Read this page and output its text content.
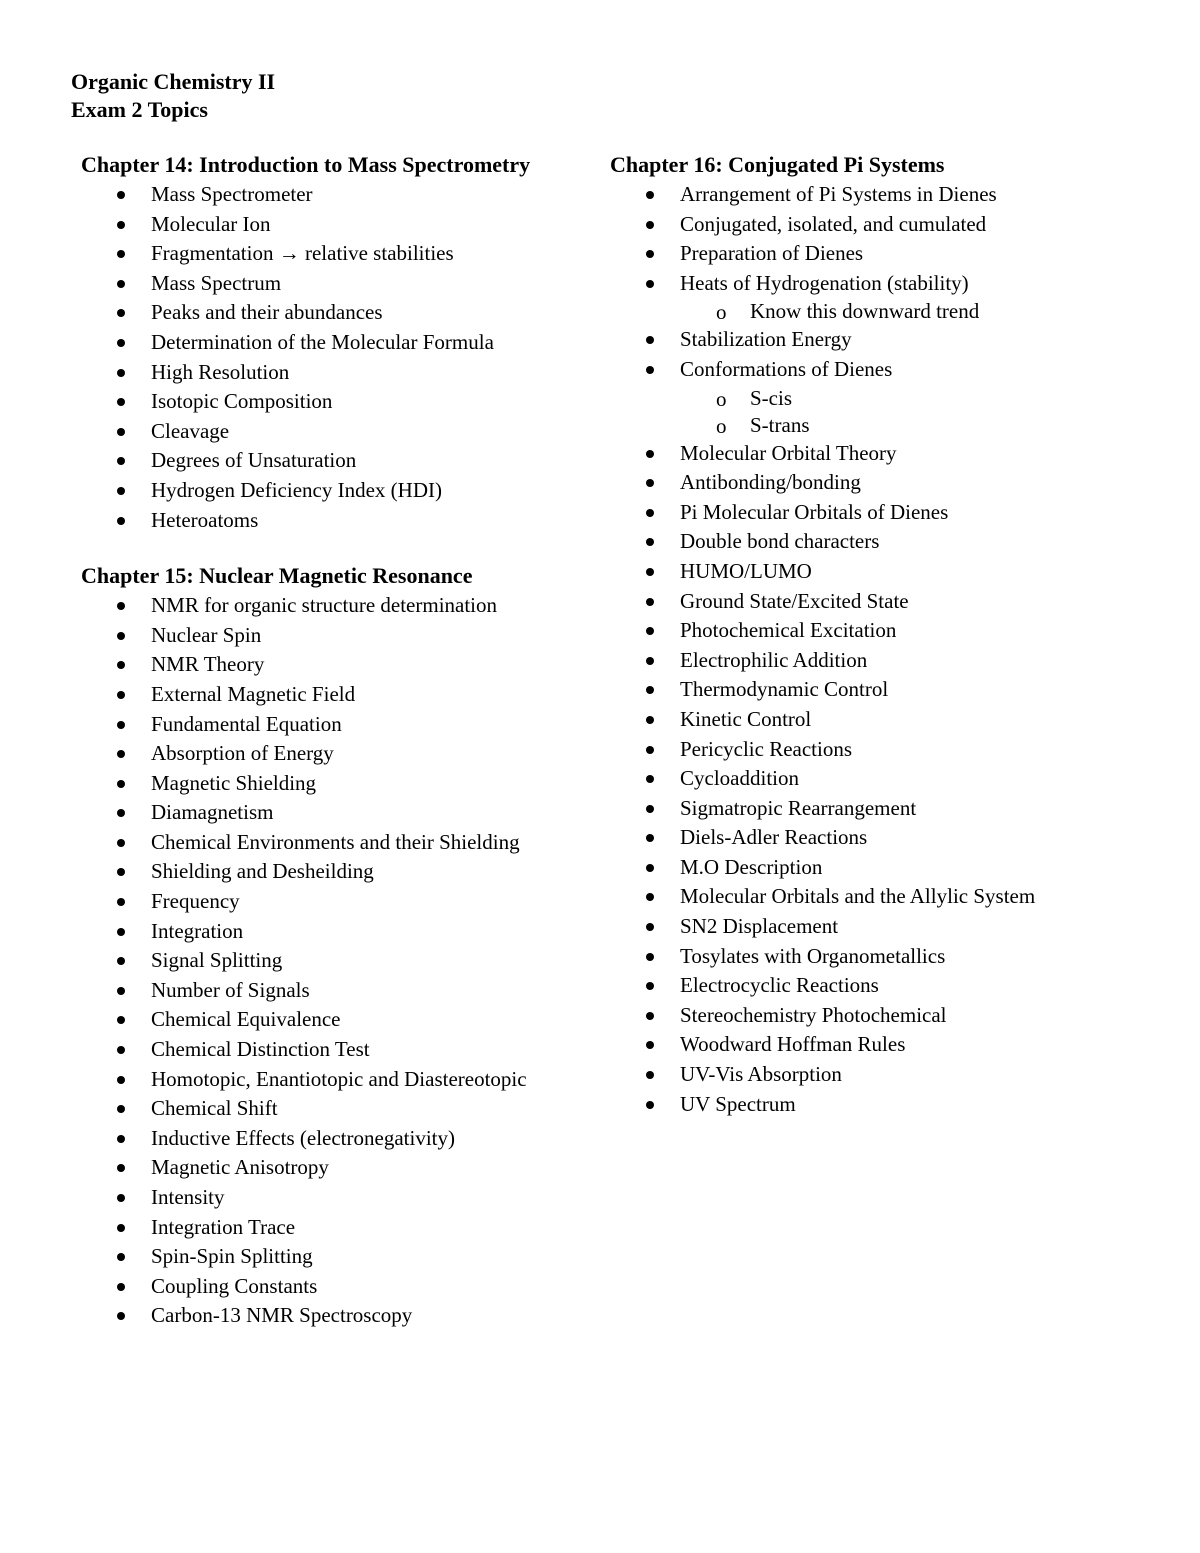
Organic Chemistry II
Exam 2 Topics
Chapter 14: Introduction to Mass Spectrometry
Mass Spectrometer
Molecular Ion
Fragmentation → relative stabilities
Mass Spectrum
Peaks and their abundances
Determination of the Molecular Formula
High Resolution
Isotopic Composition
Cleavage
Degrees of Unsaturation
Hydrogen Deficiency Index (HDI)
Heteroatoms
Chapter 15: Nuclear Magnetic Resonance
NMR for organic structure determination
Nuclear Spin
NMR Theory
External Magnetic Field
Fundamental Equation
Absorption of Energy
Magnetic Shielding
Diamagnetism
Chemical Environments and their Shielding
Shielding and Desheilding
Frequency
Integration
Signal Splitting
Number of Signals
Chemical Equivalence
Chemical Distinction Test
Homotopic, Enantiotopic and Diastereotopic
Chemical Shift
Inductive Effects (electronegativity)
Magnetic Anisotropy
Intensity
Integration Trace
Spin-Spin Splitting
Coupling Constants
Carbon-13 NMR Spectroscopy
Chapter 16: Conjugated Pi Systems
Arrangement of Pi Systems in Dienes
Conjugated, isolated, and cumulated
Preparation of Dienes
Heats of Hydrogenation (stability)
o Know this downward trend
Stabilization Energy
Conformations of Dienes
o S-cis
o S-trans
Molecular Orbital Theory
Antibonding/bonding
Pi Molecular Orbitals of Dienes
Double bond characters
HUMO/LUMO
Ground State/Excited State
Photochemical Excitation
Electrophilic Addition
Thermodynamic Control
Kinetic Control
Pericyclic Reactions
Cycloaddition
Sigmatropic Rearrangement
Diels-Adler Reactions
M.O Description
Molecular Orbitals and the Allylic System
SN2 Displacement
Tosylates with Organometallics
Electrocyclic Reactions
Stereochemistry Photochemical
Woodward Hoffman Rules
UV-Vis Absorption
UV Spectrum
